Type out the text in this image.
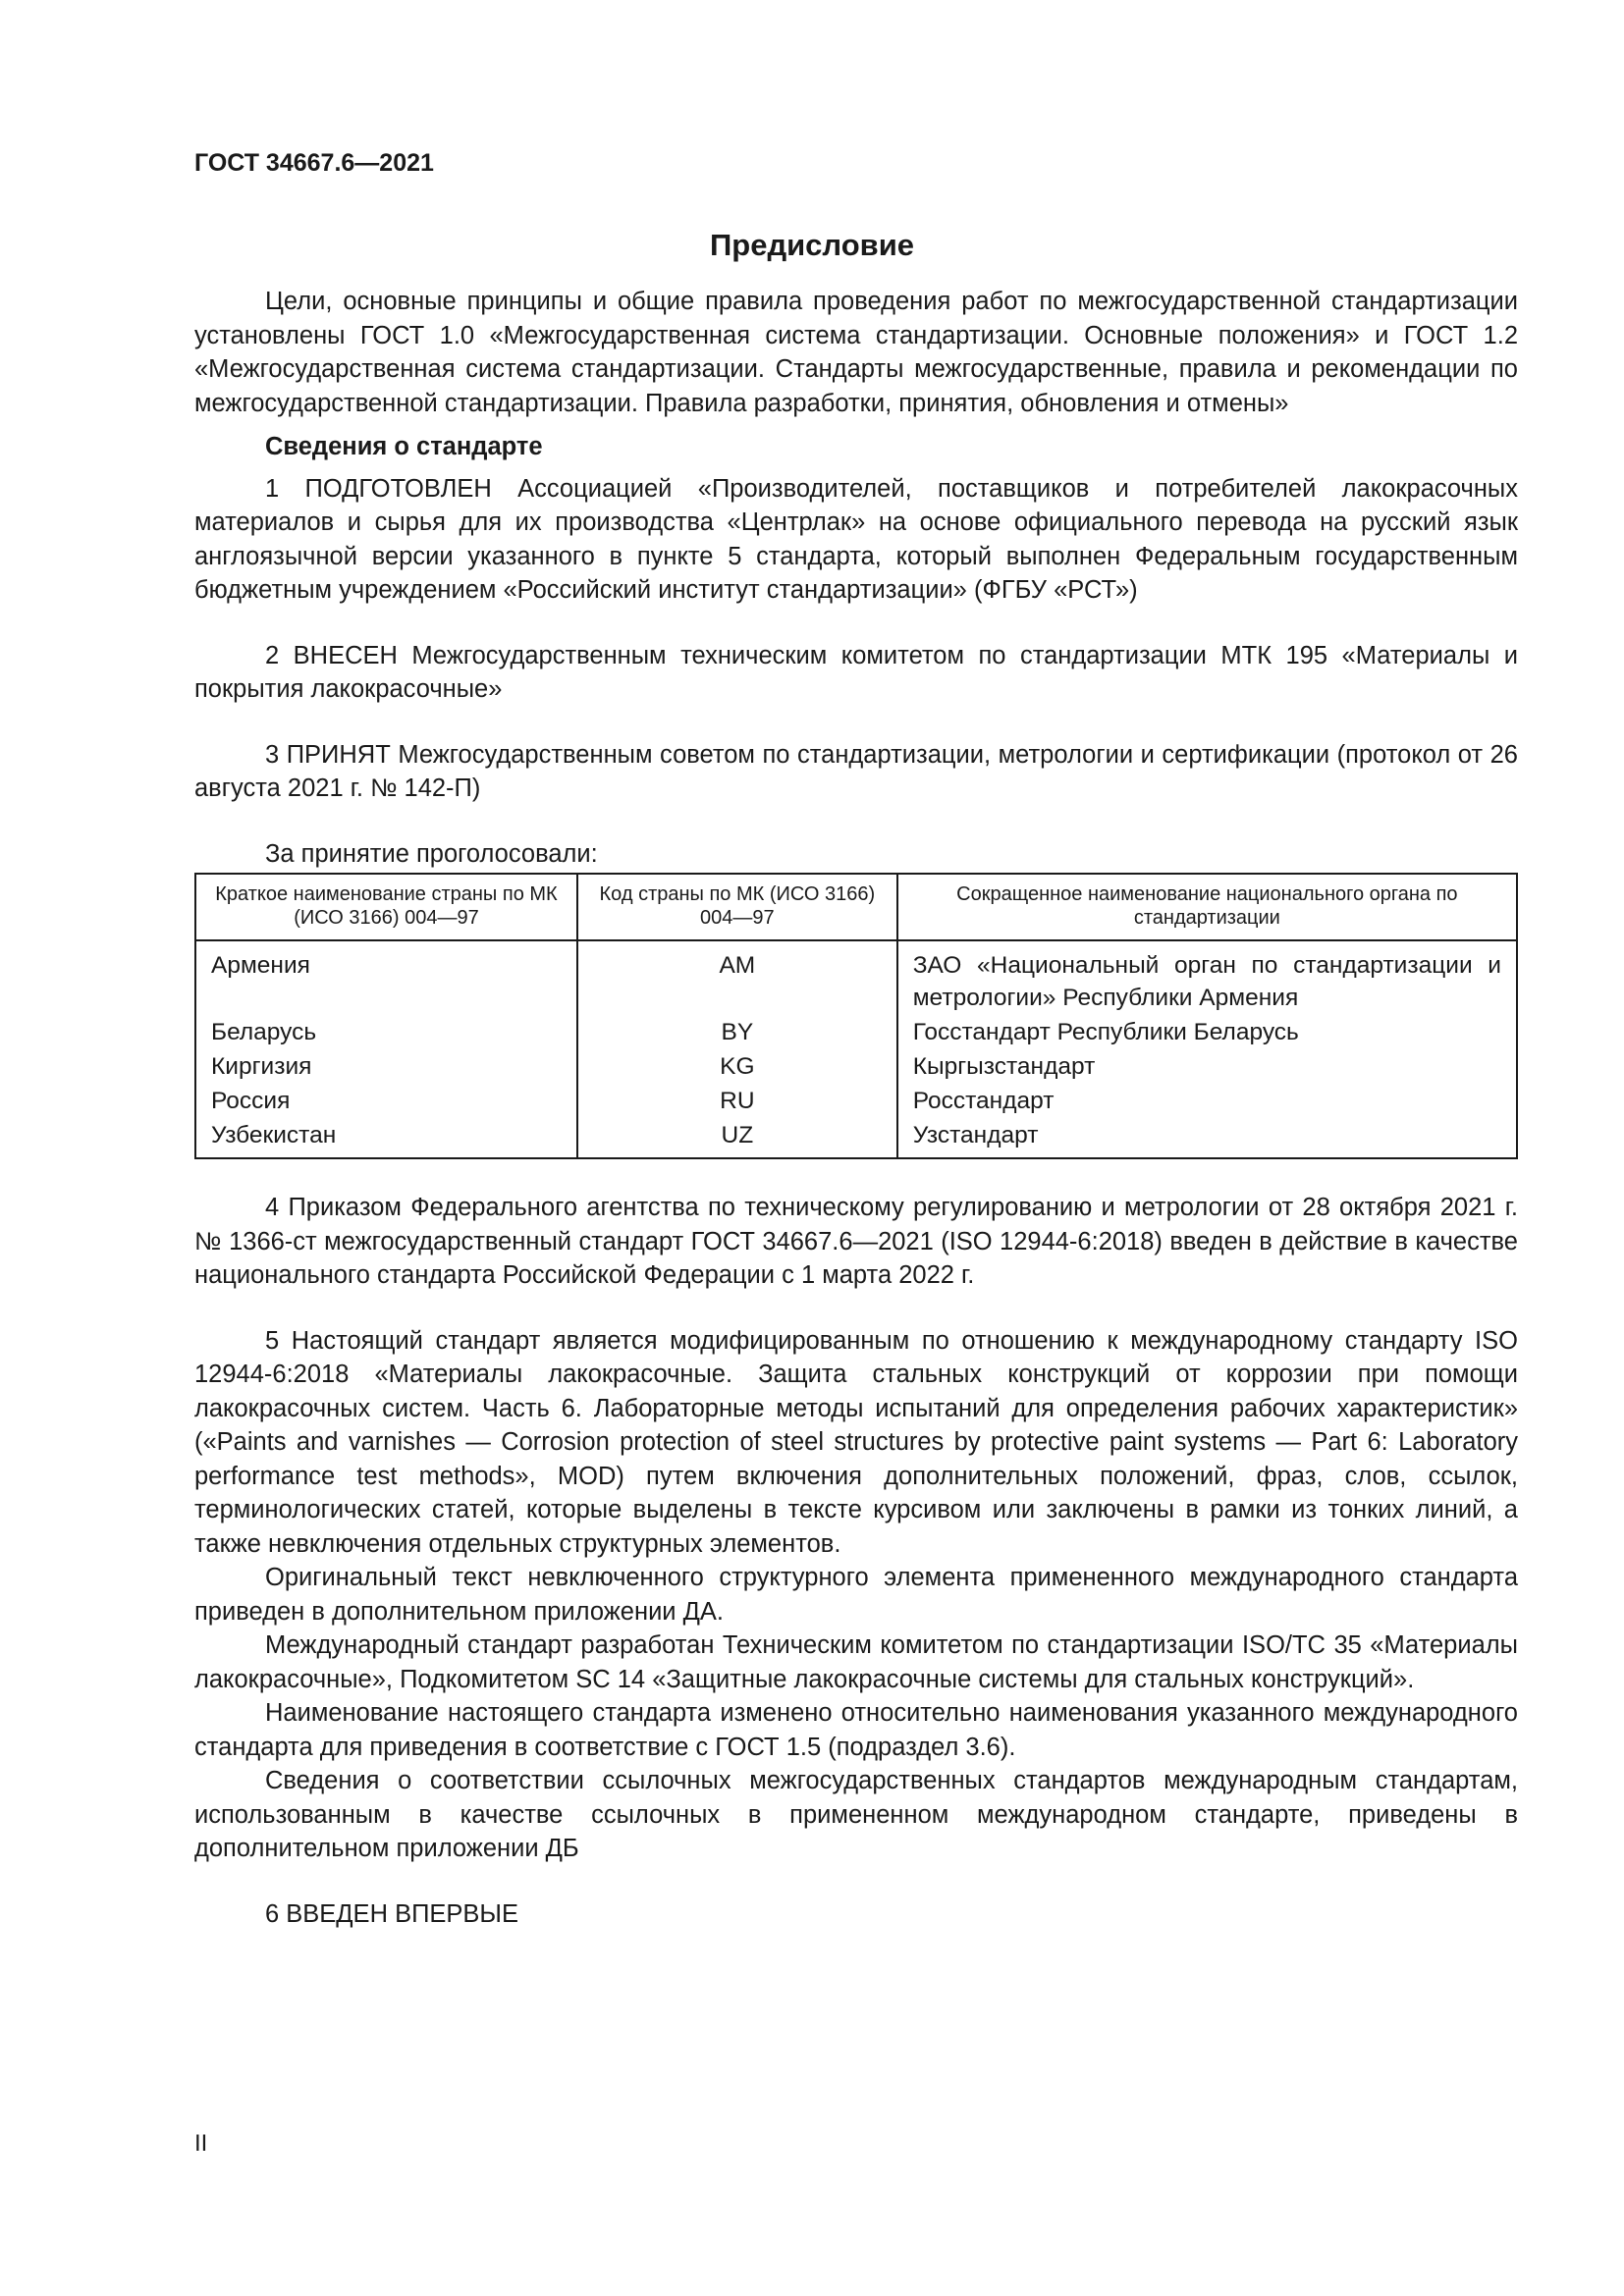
ГОСТ 34667.6—2021
Предисловие

Цели, основные принципы и общие правила проведения работ по межгосударственной стандартизации установлены ГОСТ 1.0 «Межгосударственная система стандартизации. Основные положения» и ГОСТ 1.2 «Межгосударственная система стандартизации. Стандарты межгосударственные, правила и рекомендации по межгосударственной стандартизации. Правила разработки, принятия, обновления и отмены»

Сведения о стандарте

1 ПОДГОТОВЛЕН Ассоциацией «Производителей, поставщиков и потребителей лакокрасочных материалов и сырья для их производства «Центрлак» на основе официального перевода на русский язык англоязычной версии указанного в пункте 5 стандарта, который выполнен Федеральным государственным бюджетным учреждением «Российский институт стандартизации» (ФГБУ «РСТ»)

2 ВНЕСЕН Межгосударственным техническим комитетом по стандартизации МТК 195 «Материалы и покрытия лакокрасочные»

3 ПРИНЯТ Межгосударственным советом по стандартизации, метрологии и сертификации (протокол от 26 августа 2021 г. № 142-П)

За принятие проголосовали:

Краткое наименование страны по МК (ИСО 3166) 004—97	Код страны по МК (ИСО 3166) 004—97	Сокращенное наименование национального органа по стандартизации
Армения	AM	ЗАО «Национальный орган по стандартизации и метрологии» Республики Армения
Беларусь	BY	Госстандарт Республики Беларусь
Киргизия	KG	Кыргызстандарт
Россия	RU	Росстандарт
Узбекистан	UZ	Узстандарт

4 Приказом Федерального агентства по техническому регулированию и метрологии от 28 октября 2021 г. № 1366-ст межгосударственный стандарт ГОСТ 34667.6—2021 (ISO 12944-6:2018) введен в действие в качестве национального стандарта Российской Федерации с 1 марта 2022 г.

5 Настоящий стандарт является модифицированным по отношению к международному стандарту ISO 12944-6:2018 «Материалы лакокрасочные. Защита стальных конструкций от коррозии при помощи лакокрасочных систем. Часть 6. Лабораторные методы испытаний для определения рабочих характеристик» («Paints and varnishes — Corrosion protection of steel structures by protective paint systems — Part 6: Laboratory performance test methods», MOD) путем включения дополнительных положений, фраз, слов, ссылок, терминологических статей, которые выделены в тексте курсивом или заключены в рамки из тонких линий, а также невключения отдельных структурных элементов.

Оригинальный текст невключенного структурного элемента примененного международного стандарта приведен в дополнительном приложении ДА.

Международный стандарт разработан Техническим комитетом по стандартизации ISO/TC 35 «Материалы лакокрасочные», Подкомитетом SC 14 «Защитные лакокрасочные системы для стальных конструкций».

Наименование настоящего стандарта изменено относительно наименования указанного международного стандарта для приведения в соответствие с ГОСТ 1.5 (подраздел 3.6).

Сведения о соответствии ссылочных межгосударственных стандартов международным стандартам, использованным в качестве ссылочных в примененном международном стандарте, приведены в дополнительном приложении ДБ

6 ВВЕДЕН ВПЕРВЫЕ

II
